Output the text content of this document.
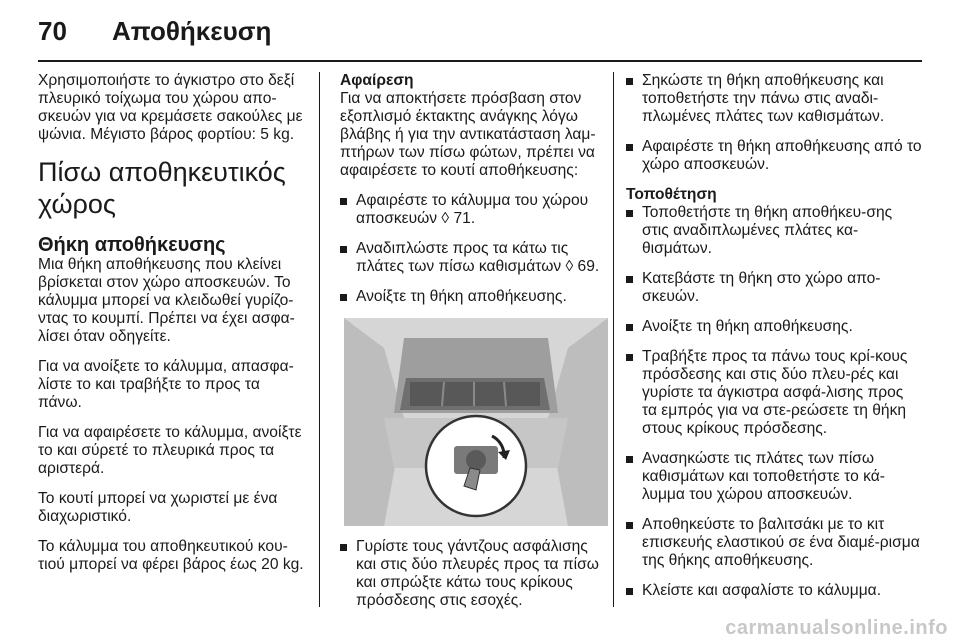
70 Αποθήκευση

Χρησιμοποιήστε το άγκιστρο στο δεξί πλευρικό τοίχωμα του χώρου απο-σκευών για να κρεμάσετε σακούλες με ψώνια. Μέγιστο βάρος φορτίου: 5 kg.

Πίσω αποθηκευτικός χώρος
Θήκη αποθήκευσης

Μια θήκη αποθήκευσης που κλείνει βρίσκεται στον χώρο αποσκευών. Το κάλυμμα μπορεί να κλειδωθεί γυρίζο-ντας το κουμπί. Πρέπει να έχει ασφα-λίσει όταν οδηγείτε.

Για να ανοίξετε το κάλυμμα, απασφα-λίστε το και τραβήξτε το προς τα πάνω.

Για να αφαιρέσετε το κάλυμμα, ανοίξτε το και σύρετέ το πλευρικά προς τα αριστερά.

Το κουτί μπορεί να χωριστεί με ένα διαχωριστικό.

Το κάλυμμα του αποθηκευτικού κου-τιού μπορεί να φέρει βάρος έως 20 kg.

Αφαίρεση

Για να αποκτήσετε πρόσβαση στον εξοπλισμό έκτακτης ανάγκης λόγω βλάβης ή για την αντικατάσταση λαμ-πτήρων των πίσω φώτων, πρέπει να αφαιρέσετε το κουτί αποθήκευσης:

Αφαιρέστε το κάλυμμα του χώρου αποσκευών ◊ 71.
Αναδιπλώστε προς τα κάτω τις πλάτες των πίσω καθισμάτων ◊ 69.
Ανοίξτε τη θήκη αποθήκευσης.
Γυρίστε τους γάντζους ασφάλισης και στις δύο πλευρές προς τα πίσω και σπρώξτε κάτω τους κρίκους πρόσδεσης στις εσοχές.
Σηκώστε τη θήκη αποθήκευσης και τοποθετήστε την πάνω στις αναδι-πλωμένες πλάτες των καθισμάτων.
Αφαιρέστε τη θήκη αποθήκευσης από το χώρο αποσκευών.
Τοποθέτηση
Τοποθετήστε τη θήκη αποθήκευ-σης στις αναδιπλωμένες πλάτες κα-θισμάτων.
Κατεβάστε τη θήκη στο χώρο απο-σκευών.
Ανοίξτε τη θήκη αποθήκευσης.
Τραβήξτε προς τα πάνω τους κρί-κους πρόσδεσης και στις δύο πλευ-ρές και γυρίστε τα άγκιστρα ασφά-λισης προς τα εμπρός για να στε-ρεώσετε τη θήκη στους κρίκους πρόσδεσης.
Ανασηκώστε τις πλάτες των πίσω καθισμάτων και τοποθετήστε το κά-λυμμα του χώρου αποσκευών.
Αποθηκεύστε το βαλιτσάκι με το κιτ επισκευής ελαστικού σε ένα διαμέ-ρισμα της θήκης αποθήκευσης.
Κλείστε και ασφαλίστε το κάλυμμα.
carmanualsonline.info
